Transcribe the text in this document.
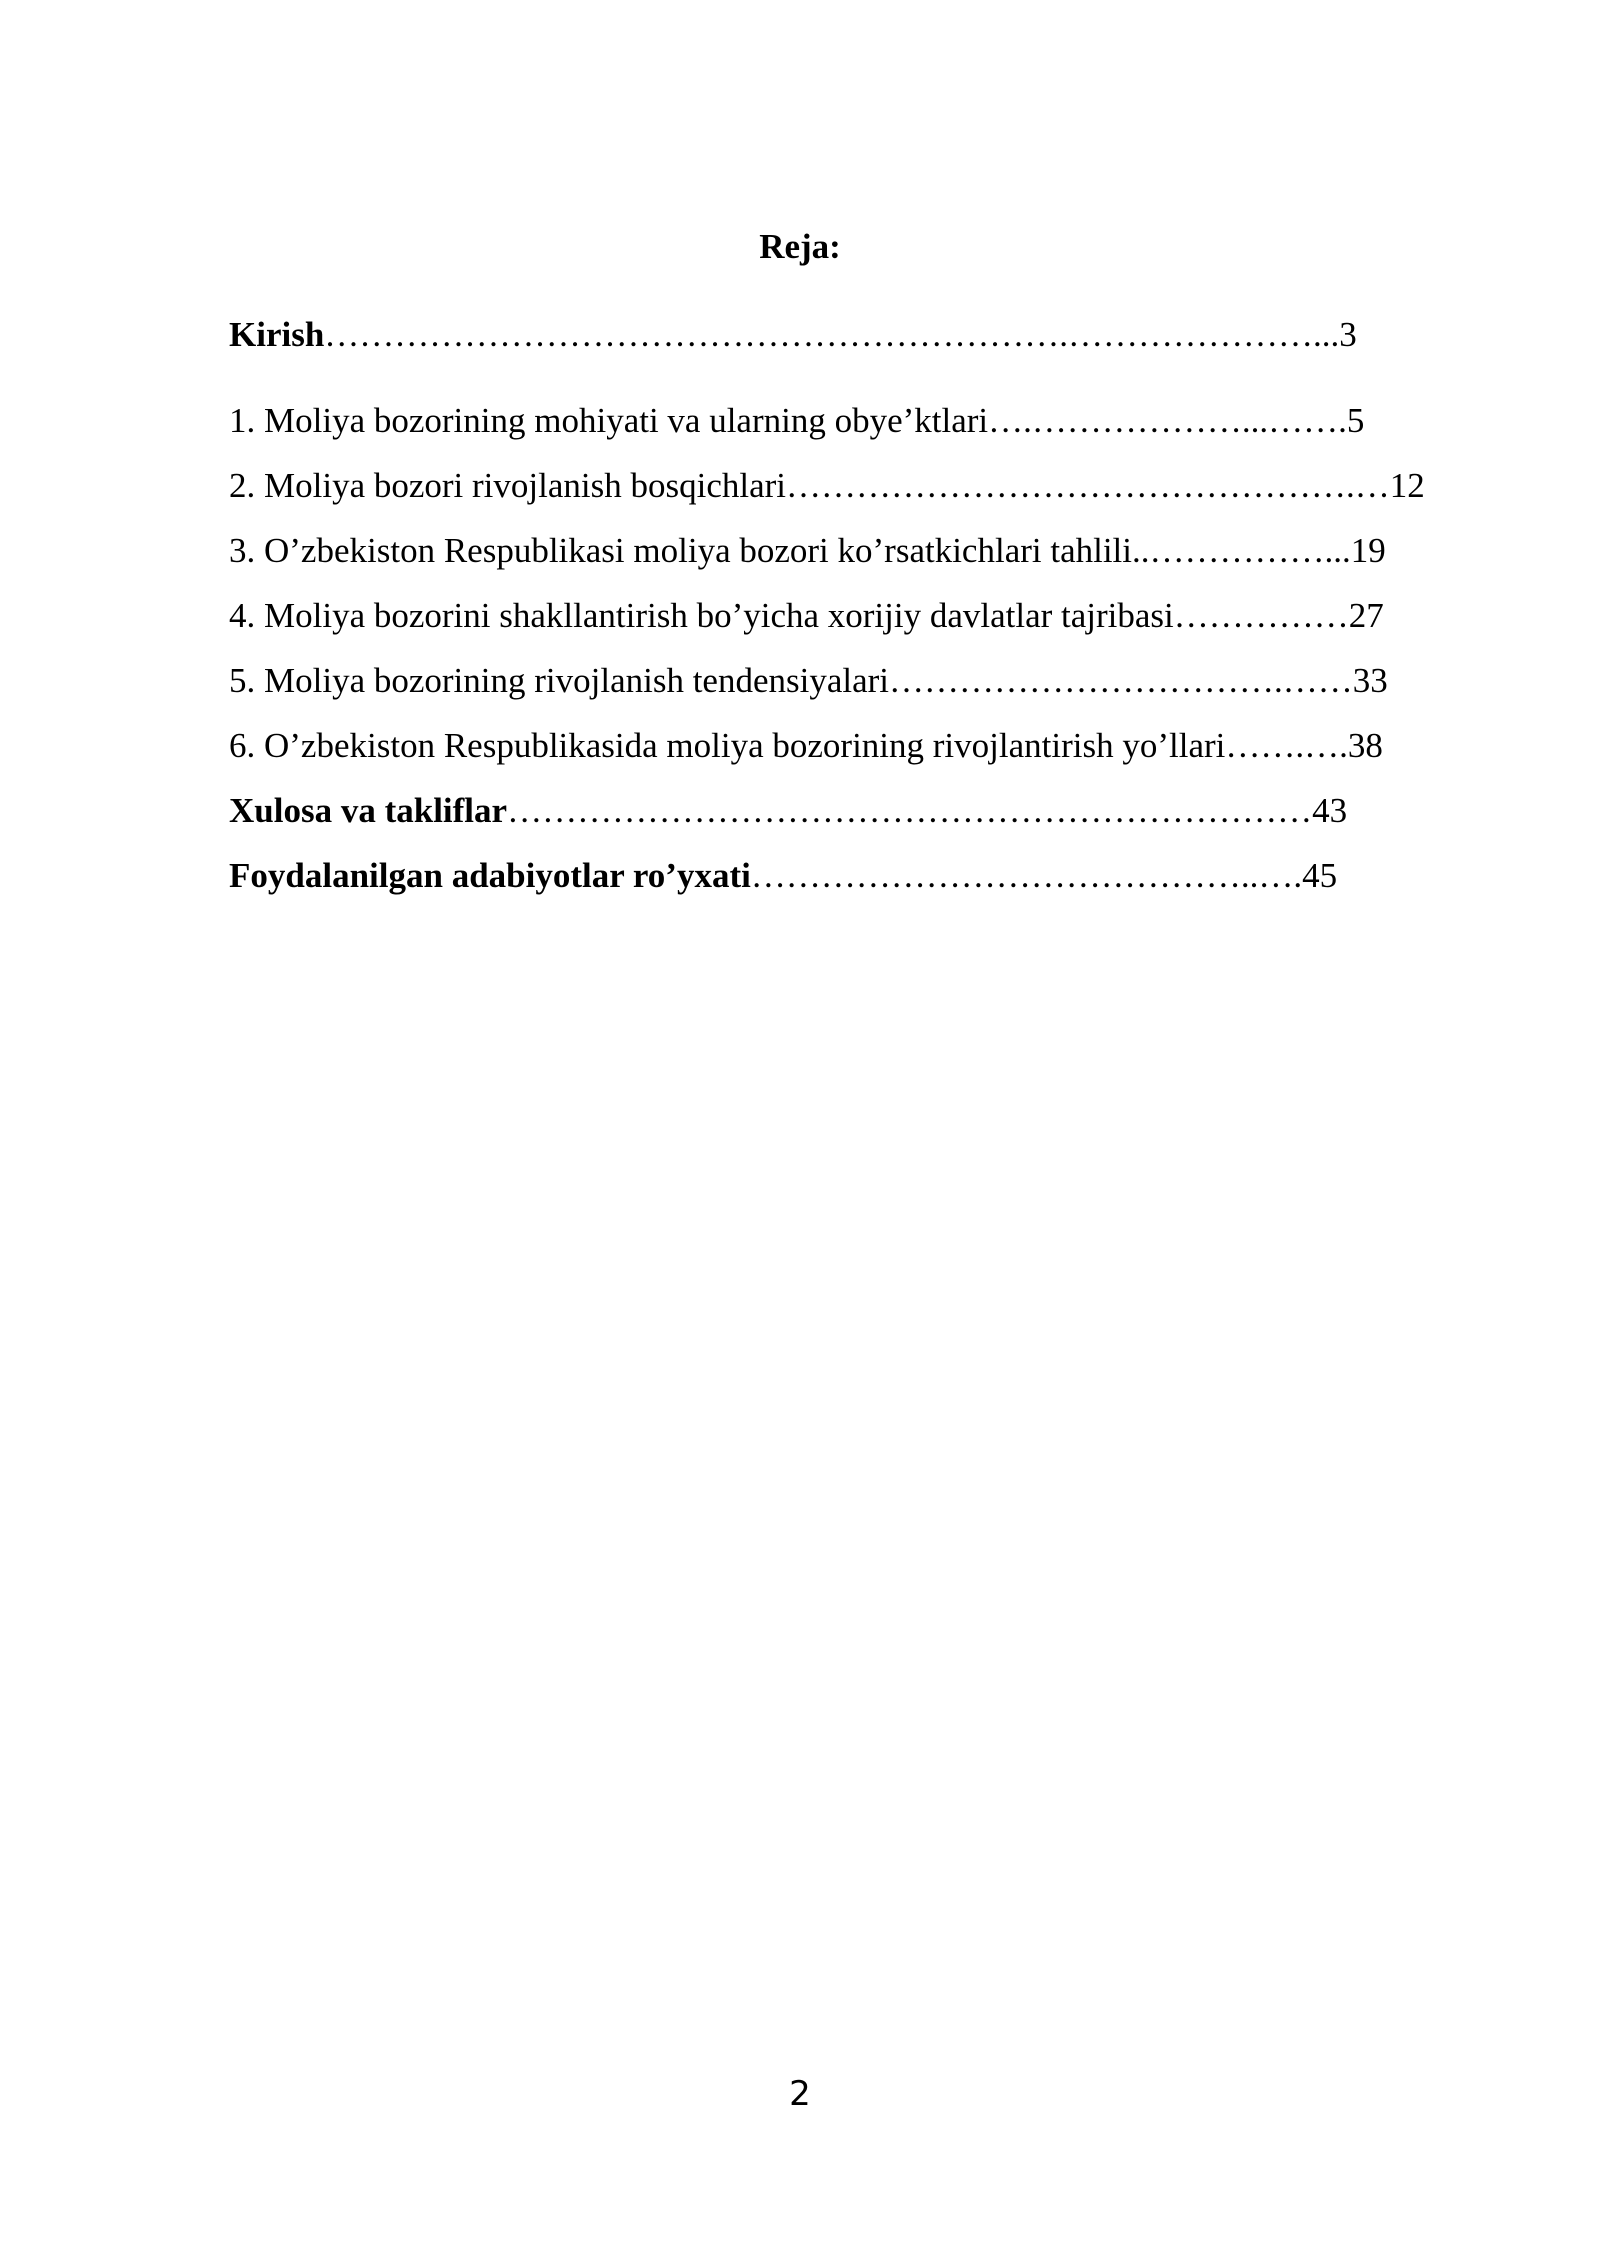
Reja:
Kirish……………………………………………………….…………………...3
1. Moliya bozorining mohiyati va ularning obye’ktlari….………………...…….5
2. Moliya bozori rivojlanish bosqichlari………………………………………….…12
3. O’zbekiston Respublikasi moliya bozori ko’rsatkichlari tahlili..……………...19
4. Moliya bozorini shakllantirish bo’yicha xorijiy davlatlar tajribasi……………27
5. Moliya bozorining rivojlanish tendensiyalari…………………………….……33
6. O’zbekiston Respublikasida moliya bozorining rivojlantirish yo’llari…….….38
Xulosa va takliflar……………………………………………………………43
Foydalanilgan adabiyotlar ro’yxati……………………………………..….45
2
